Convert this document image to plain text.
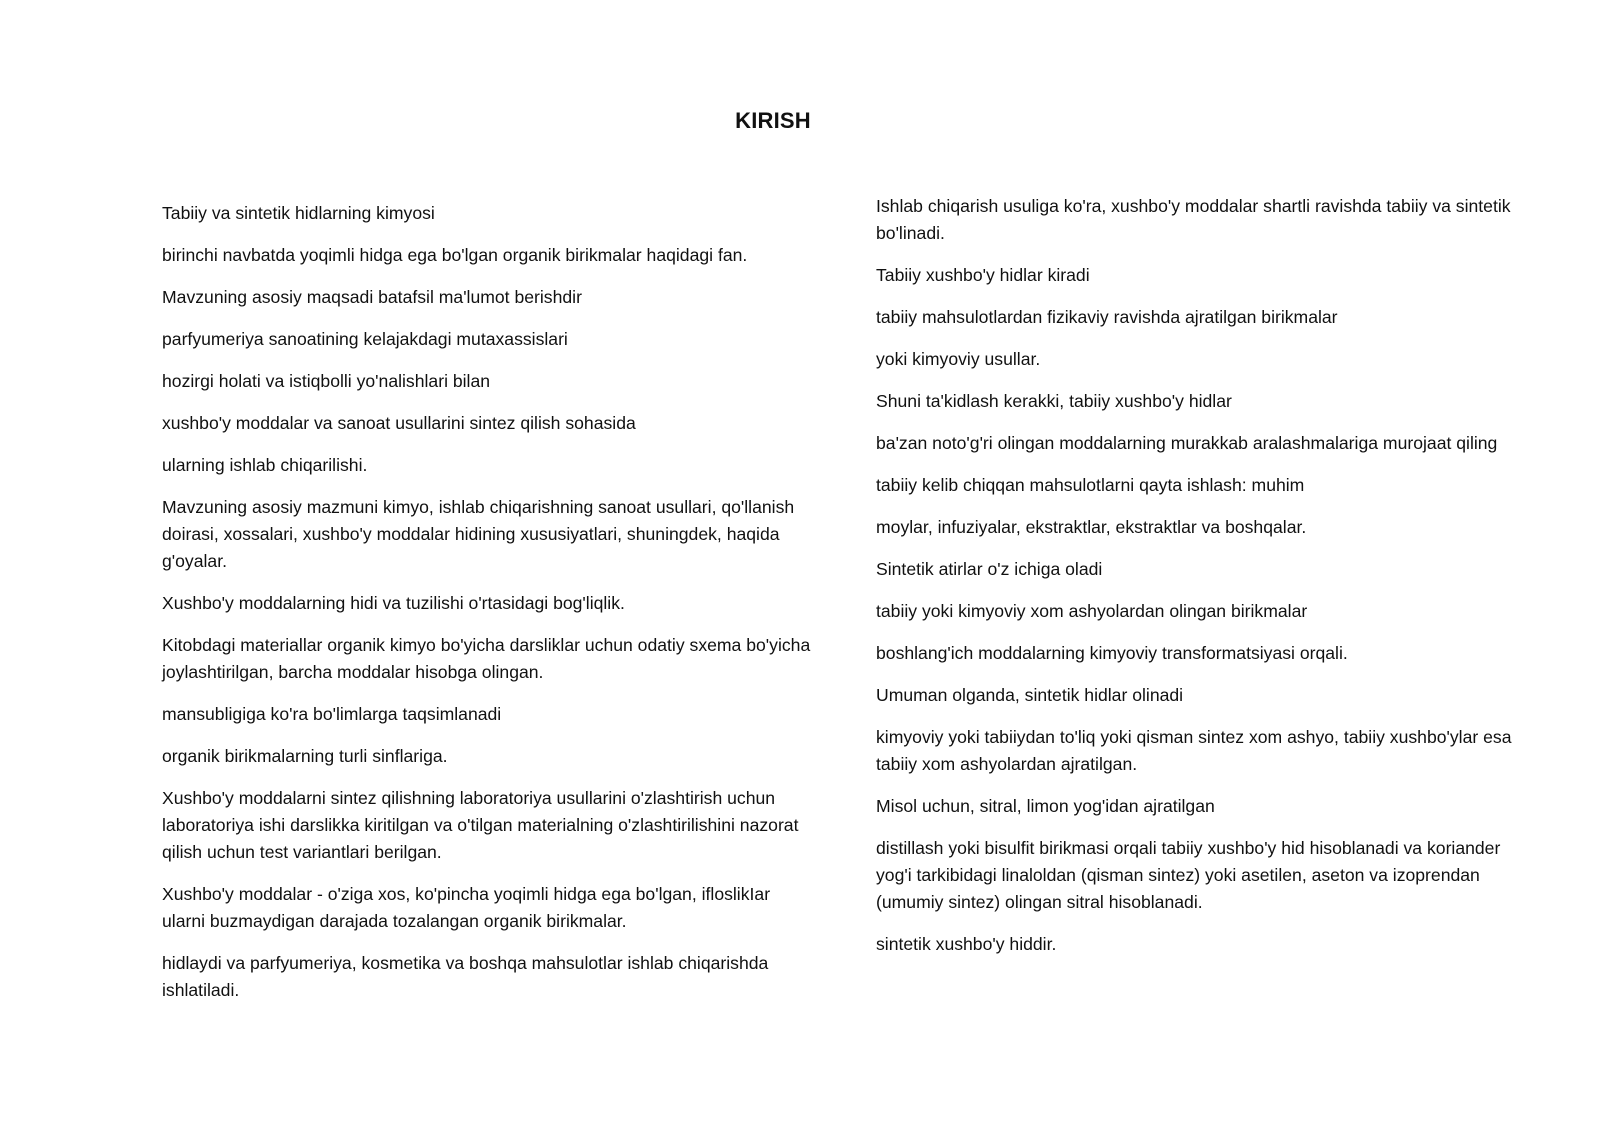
KIRISH

Tabiiy va sintetik hidlarning kimyosi

birinchi navbatda yoqimli hidga ega bo'lgan organik birikmalar haqidagi fan.

Mavzuning asosiy maqsadi batafsil ma'lumot berishdir

parfyumeriya sanoatining kelajakdagi mutaxassislari

hozirgi holati va istiqbolli yo'nalishlari bilan

xushbo'y moddalar va sanoat usullarini sintez qilish sohasida

ularning ishlab chiqarilishi.

Mavzuning asosiy mazmuni kimyo, ishlab chiqarishning sanoat usullari, qo'llanish doirasi, xossalari, xushbo'y moddalar hidining xususiyatlari, shuningdek, haqida g'oyalar.

Xushbo'y moddalarning hidi va tuzilishi o'rtasidagi bog'liqlik.

Kitobdagi materiallar organik kimyo bo'yicha darsliklar uchun odatiy sxema bo'yicha joylashtirilgan, barcha moddalar hisobga olingan.

mansubligiga ko'ra bo'limlarga taqsimlanadi

organik birikmalarning turli sinflariga.

Xushbo'y moddalarni sintez qilishning laboratoriya usullarini o'zlashtirish uchun laboratoriya ishi darslikka kiritilgan va o'tilgan materialning o'zlashtirilishini nazorat qilish uchun test variantlari berilgan.

Xushbo'y moddalar - o'ziga xos, ko'pincha yoqimli hidga ega bo'lgan, ifloslikIar ularni buzmaydigan darajada tozalangan organik birikmalar.

hidlaydi va parfyumeriya, kosmetika va boshqa mahsulotlar ishlab chiqarishda ishlatiladi.

Ishlab chiqarish usuliga ko'ra, xushbo'y moddalar shartli ravishda tabiiy va sintetik bo'linadi.

Tabiiy xushbo'y hidlar kiradi

tabiiy mahsulotlardan fizikaviy ravishda ajratilgan birikmalar

yoki kimyoviy usullar.

Shuni ta'kidlash kerakki, tabiiy xushbo'y hidlar

ba'zan noto'g'ri olingan moddalarning murakkab aralashmalariga murojaat qiling

tabiiy kelib chiqqan mahsulotlarni qayta ishlash: muhim

moylar, infuziyalar, ekstraktlar, ekstraktlar va boshqalar.

Sintetik atirlar o'z ichiga oladi

tabiiy yoki kimyoviy xom ashyolardan olingan birikmalar

boshlang'ich moddalarning kimyoviy transformatsiyasi orqali.

Umuman olganda, sintetik hidlar olinadi

kimyoviy yoki tabiiydan to'liq yoki qisman sintez xom ashyo, tabiiy xushbo'ylar esa tabiiy xom ashyolardan ajratilgan.

Misol uchun, sitral, limon yog'idan ajratilgan

distillash yoki bisulfit birikmasi orqali tabiiy xushbo'y hid hisoblanadi va koriander yog'i tarkibidagi linaloldan (qisman sintez) yoki asetilen, aseton va izoprendan (umumiy sintez) olingan sitral hisoblanadi.

sintetik xushbo'y hiddir.
